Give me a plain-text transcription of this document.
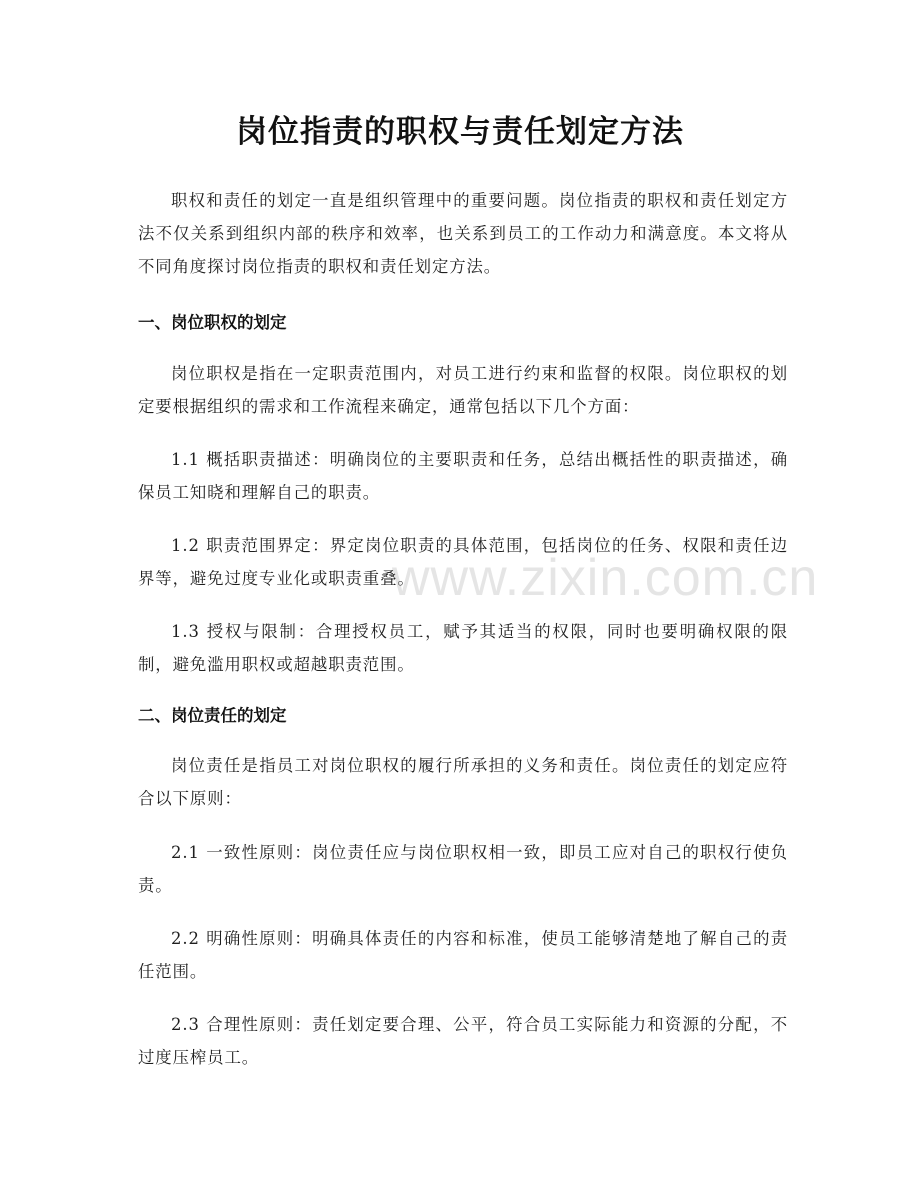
岗位指责的职权与责任划定方法

职权和责任的划定一直是组织管理中的重要问题。岗位指责的职权和责任划定方法不仅关系到组织内部的秩序和效率，也关系到员工的工作动力和满意度。本文将从不同角度探讨岗位指责的职权和责任划定方法。

一、岗位职权的划定

岗位职权是指在一定职责范围内，对员工进行约束和监督的权限。岗位职权的划定要根据组织的需求和工作流程来确定，通常包括以下几个方面：

1.1 概括职责描述：明确岗位的主要职责和任务，总结出概括性的职责描述，确保员工知晓和理解自己的职责。

1.2 职责范围界定：界定岗位职责的具体范围，包括岗位的任务、权限和责任边界等，避免过度专业化或职责重叠。

1.3 授权与限制：合理授权员工，赋予其适当的权限，同时也要明确权限的限制，避免滥用职权或超越职责范围。

二、岗位责任的划定

岗位责任是指员工对岗位职权的履行所承担的义务和责任。岗位责任的划定应符合以下原则：

2.1 一致性原则：岗位责任应与岗位职权相一致，即员工应对自己的职权行使负责。

2.2 明确性原则：明确具体责任的内容和标准，使员工能够清楚地了解自己的责任范围。

2.3 合理性原则：责任划定要合理、公平，符合员工实际能力和资源的分配，不过度压榨员工。

www.zixin.com.cn
